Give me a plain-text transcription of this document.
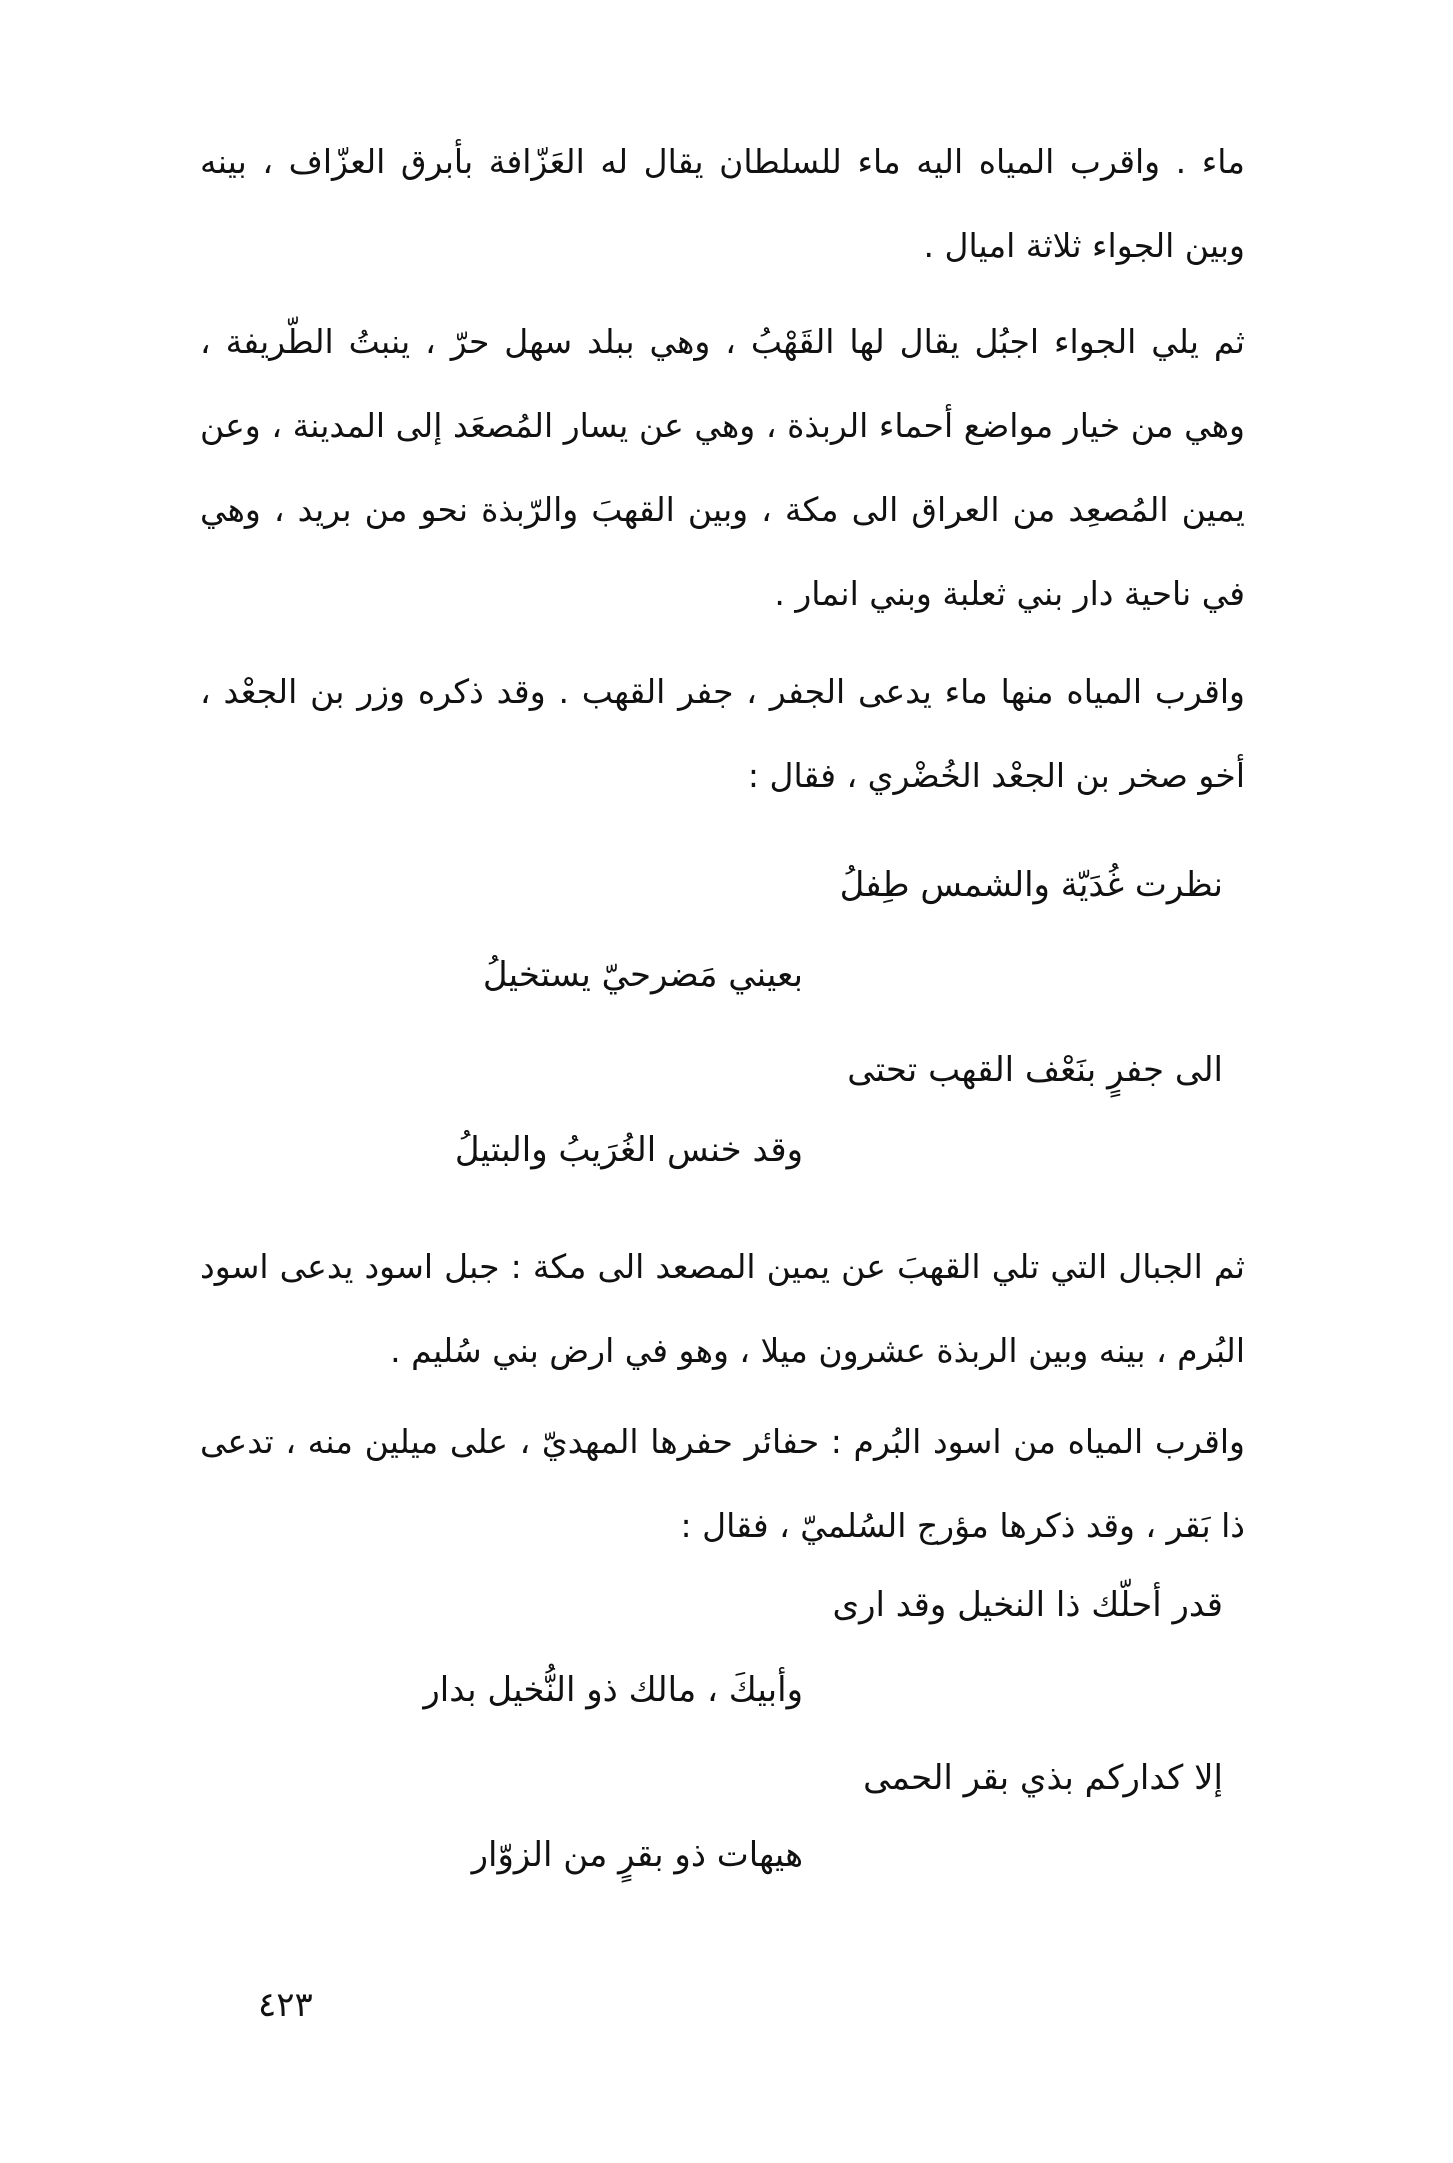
ماء . واقرب المياه اليه ماء للسلطان يقال له العَزّافة بأبرق العزّاف ، بينه وبين الجواء ثلاثة اميال .
ثم يلي الجواء اجبُل يقال لها القَهْبُ ، وهي ببلد سهل حرّ ، ينبتُ الطّريفة ، وهي من خيار مواضع أحماء الربذة ، وهي عن يسار المُصعَد إلى المدينة ، وعن يمين المُصعِد من العراق الى مكة ، وبين القهبَ والرّبذة نحو من بريد ، وهي في ناحية دار بني ثعلبة وبني انمار .
واقرب المياه منها ماء يدعى الجفر ، جفر القهب . وقد ذكره وزر بن الجعْد ، أخو صخر بن الجعْد الخُضْري ، فقال :
نظرت غُدَيّة والشمس طِفلُ
بعيني مَضرحيّ يستخيلُ
الى جفرٍ بنَعْف القهب تحتى
وقد خنس الغُرَيبُ والبتيلُ
ثم الجبال التي تلي القهبَ عن يمين المصعد الى مكة : جبل اسود يدعى اسود البُرم ، بينه وبين الربذة عشرون ميلا ، وهو في ارض بني سُليم .
واقرب المياه من اسود البُرم : حفائر حفرها المهديّ ، على ميلين منه ، تدعى ذا بَقر ، وقد ذكرها مؤرج السُلميّ ، فقال :
قدر أحلّك ذا النخيل وقد ارى
وأبيكَ ، مالك ذو النُّخيل بدار
إلا كداركم بذي بقر الحمى
هيهات ذو بقرٍ من الزوّار
٤٢٣
